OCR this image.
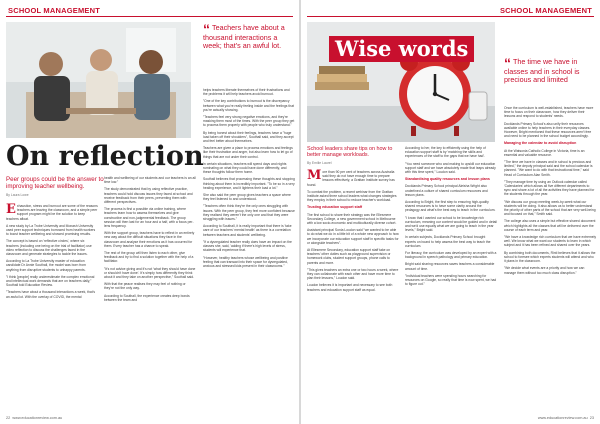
SCHOOL MANAGEMENT
On reflection
Peer groups could be the answer to improving teacher wellbeing.
By Laura Lowe

Exhaustion, stress and burnout are some of the reasons teachers are leaving the classroom, and a simple peer support program might be the solution to keep teachers afloat.

A new study by La Trobe University and Monash University used peer support techniques borrowed from health workers to boost teacher wellbeing and showed promising results.

The concept is based on 'reflective circles', where six teachers (including one being on the trial of facilitator) use video reflection to discuss the challenges faced in the classroom and generate strategies to tackle the issues.

According to La Trobe University master of education candidate Dr Annie Southall, the model was born from anything from disruptive students to unhappy parents.

"I think [people] really underestimate the complex emotional and intellectual work demands that are on teachers daily," Southall told Education Review.

"Teachers have about a thousand interactions a week, that's an awful lot. With the overlay of COVID, the mental

health and wellbeing of our students and our teachers is an all time low."

The study demonstrated that by using reflective practice, teachers could hold discuss issues they faced at school and receive feedback from their peers, preventing them with different perspectives.

The process is first a possible via online training, where teachers learn how to assess themselves and give constructive and non-judgemental feedback. The group session will then last for an hour and a half, with a focus per-lens frequency.

With the support group, teachers have to reflect in an entirely new way about the difficult situations they face in the classroom and analyse their emotions as it has occurred for them. Every teacher has a chance to speak.

The rest of the group will then listen to each other, give feedback and try to find a solution together with the help of a facilitator.

"It's not advice giving and it's not 'what they should have done or shouldn't have done'. It's simply how differently they think about it and they take on another perspective," Southall said.

With that the peace realises they may feel of nothing or they're not the only way.

According to Southall, the experience creates deep bonds between the team and

“ Teachers have about a thousand interactions a week; that's an awful lot.

helps teachers liberate themselves of their frustrations and the problems it will help teachers avoid burnout.

"One of the key contributions to burnout is the discrepancy between what you're really feeling inside and the feelings that you're actually showing.

"Teachers feel very strong negative emotions, and they're masking them most of the times. With the peer group they get to process them properly with people who truly understand."

By being honest about their feelings, teachers have a "huge load taken off their shoulders", Southall said, and they accept and feel better about themselves.

Teachers are given a place to process emotions and feelings like their frustration and anger, but also learn how to let go of things that are not under their control.

In certain situations, teachers will spend days and nights ruminating on what they could have done differently, and these thoughts follow them home.

Southall believes that processing these thoughts and stopping thinking about them is incredibly important. "To be so in a very healing experience, and it lightens their load a lot."

She also said the peer group gives teachers a space where they feel listened to and understood.

"Teachers often think they're the only ones struggling with issues. With the peer group, they feel more confident because they realised they weren't the only one and that they were struggling with issues."

According to Southall, it is really important that there is 'take care of our teachers' mental health' as there is a correlation between teachers and students' wellbeing.

"If a dysregulated teacher really does have an impact on the classes she, said, 'adding if there's high levels of stress, students will experience that.

"However, healthy teachers whose wellbeing and positive feeling that can transact into their space for dysregulated, anxious and stressed kids present in their classrooms."

22 www.educationreview.com.au
SCHOOL MANAGEMENT
Wise words
School leaders share tips on how to better manage workloads.
By Emilie Laurel

More than 90 per cent of teachers across Australia said they do not have enough time to prepare lessons effectively, a Grattan Institute survey has found.

To combat the problem, a recent webinar from the Grattan Institute asked three school leaders what changes strategies they employ in their school to reduce teacher's workload.

Trusting education support staff

The first school to share their strategy was the Ellesmere Secondary College, a new government school in Melbourne with a low socio-economic and multiculturally diverse cohort.

Assistant principal Sonia Loudon said "we wanted to be able to do what we do in a little bit of a whole new approach to how we incorporate our education support staff in specific tasks for or alongside teachers".

At Ellesmere Secondary, education support staff take on teachers' other duties such as playground supervision or homework clubs, student support groups, phone calls to parents and more.

"This gives teachers an extra one or two hours a week, where they can collaborate with each other and have more time to plan their lessons," Loudon said.

Loudon believes it is important and necessary to see both teachers and education support staff as equal.

According to her, the key to efficiently using the help of education support staff is by 'matching the skills and experiences of the staff to the gaps that we have had'.

"You need someone who and making to upskill our education support staff and we have absolutely made that leaps already with this time spent," Loudon said.

Standardising quality resources and lesson plans

Docklands Primary School principal Aleisha Wright also underlined a culture of shared curriculum resources and lesson plans.

According to Bright, the first step to ensuring high-quality shared resources is to have some clarity around the pedagogy and what's the best way to teach in the curriculum.

"I know that I wanted our school to be knowledge rich curriculum, meaning our content would be guided and in detail and we'd use equally what we are going to teach in the year levels," Bright said.

In certain subjects, Docklands Primary School brought experts on board to help assess the best way to teach the curriculum.

For literacy, the curriculum was developed by an expert with a background in speech pathology and primary education.

Bright said sharing resources saves teachers a considerable amount of time.

"Individual teachers were spending hours searching for resources on Google, so really that time is now spent, we had to figure out."

“ The time we have in classes and in school is precious and limited

Once the curriculum is well-established, teachers have more time to focus on their classroom, how they deliver their lessons and respond to students' needs.

Docklands Primary School's also unify their resources available online to help teachers in their everyday classes. However, Bright mentioned that these resources aren't free and need to be planned in the school budget accordingly.

Managing the calendar to avoid disruption

At the Watsonia Catholic College in Victoria, time is an essential and valuable resource.

"The time we have in classes and in school is precious and limited," the deputy principal said and the school calendar is planned. "We want to do with that instructional time," said Head of Curriculum Alan Smith.

"They manage time by using an Outlook calendar called 'Calendaries' which allows all five different departments to sync and share a lot of all the activities they have planned for the students through the year.

"We discuss our group meeting week-by-week what our students will be doing. It also allows us to better understand the priority of other parts of the school that are very well-being and focused on that," Smith said.

The college also uses a simple but effective shared document which highlights all the classes that will be delivered over the course of each term and year.

"We have a knowledge rich curriculum that we have extremely well. We know what we want our students to learn in which subject and it has been refined and shared over the years.

By combining both documents, Rinti believes that it allows the school to foresee which experts students will attend and who it plans in the classroom.

"We decide what events are a priority and how we can manage them without too much class disruption."

www.educationreview.com.au 23
